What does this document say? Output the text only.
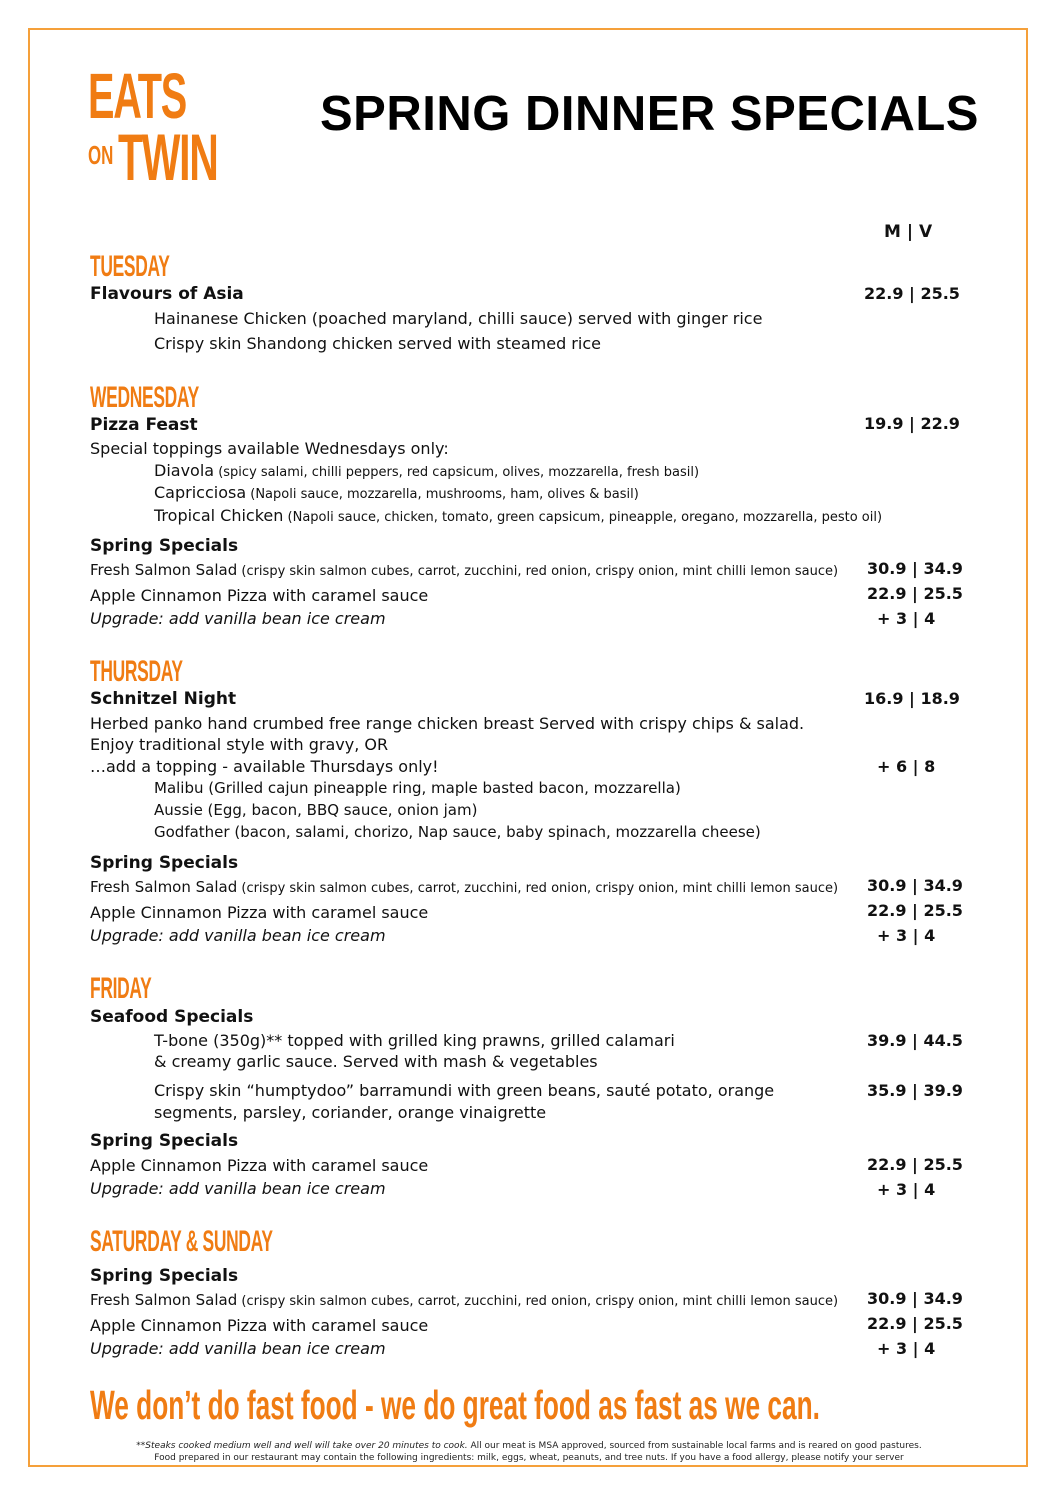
EATS
ON TWIN
SPRING DINNER SPECIALS
M | V
TUESDAY
Flavours of Asia	22.9 | 25.5
Hainanese Chicken (poached maryland, chilli sauce) served with ginger rice
Crispy skin Shandong chicken served with steamed rice
WEDNESDAY
Pizza Feast	19.9 | 22.9
Special toppings available Wednesdays only:
Diavola (spicy salami, chilli peppers, red capsicum, olives, mozzarella, fresh basil)
Capricciosa (Napoli sauce, mozzarella, mushrooms, ham, olives & basil)
Tropical Chicken (Napoli sauce, chicken, tomato, green capsicum, pineapple, oregano, mozzarella, pesto oil)
Spring Specials
Fresh Salmon Salad (crispy skin salmon cubes, carrot, zucchini, red onion, crispy onion, mint chilli lemon sauce) 30.9 | 34.9
Apple Cinnamon Pizza with caramel sauce	22.9 | 25.5
Upgrade: add vanilla bean ice cream	+ 3 | 4
THURSDAY
Schnitzel Night	16.9 | 18.9
Herbed panko hand crumbed free range chicken breast Served with crispy chips & salad.
Enjoy traditional style with gravy, OR
…add a topping - available Thursdays only!	+ 6 | 8
Malibu (Grilled cajun pineapple ring, maple basted bacon, mozzarella)
Aussie (Egg, bacon, BBQ sauce, onion jam)
Godfather (bacon, salami, chorizo, Nap sauce, baby spinach, mozzarella cheese)
Spring Specials
Fresh Salmon Salad (crispy skin salmon cubes, carrot, zucchini, red onion, crispy onion, mint chilli lemon sauce) 30.9 | 34.9
Apple Cinnamon Pizza with caramel sauce	22.9 | 25.5
Upgrade: add vanilla bean ice cream	+ 3 | 4
FRIDAY
Seafood Specials
T-bone (350g)** topped with grilled king prawns, grilled calamari
& creamy garlic sauce. Served with mash & vegetables
39.9 | 44.5
Crispy skin “humptydoo” barramundi with green beans, sauté potato, orange
segments, parsley, coriander, orange vinaigrette
35.9 | 39.9
Spring Specials
Apple Cinnamon Pizza with caramel sauce	22.9 | 25.5
Upgrade: add vanilla bean ice cream	+ 3 | 4
SATURDAY & SUNDAY
Spring Specials
Fresh Salmon Salad (crispy skin salmon cubes, carrot, zucchini, red onion, crispy onion, mint chilli lemon sauce) 30.9 | 34.9
Apple Cinnamon Pizza with caramel sauce	22.9 | 25.5
Upgrade: add vanilla bean ice cream	+ 3 | 4
We don’t do fast food - we do great food as fast as we can.
**Steaks cooked medium well and well will take over 20 minutes to cook. All our meat is MSA approved, sourced from sustainable local farms and is reared on good pastures.
Food prepared in our restaurant may contain the following ingredients: milk, eggs, wheat, peanuts, and tree nuts. If you have a food allergy, please notify your server
